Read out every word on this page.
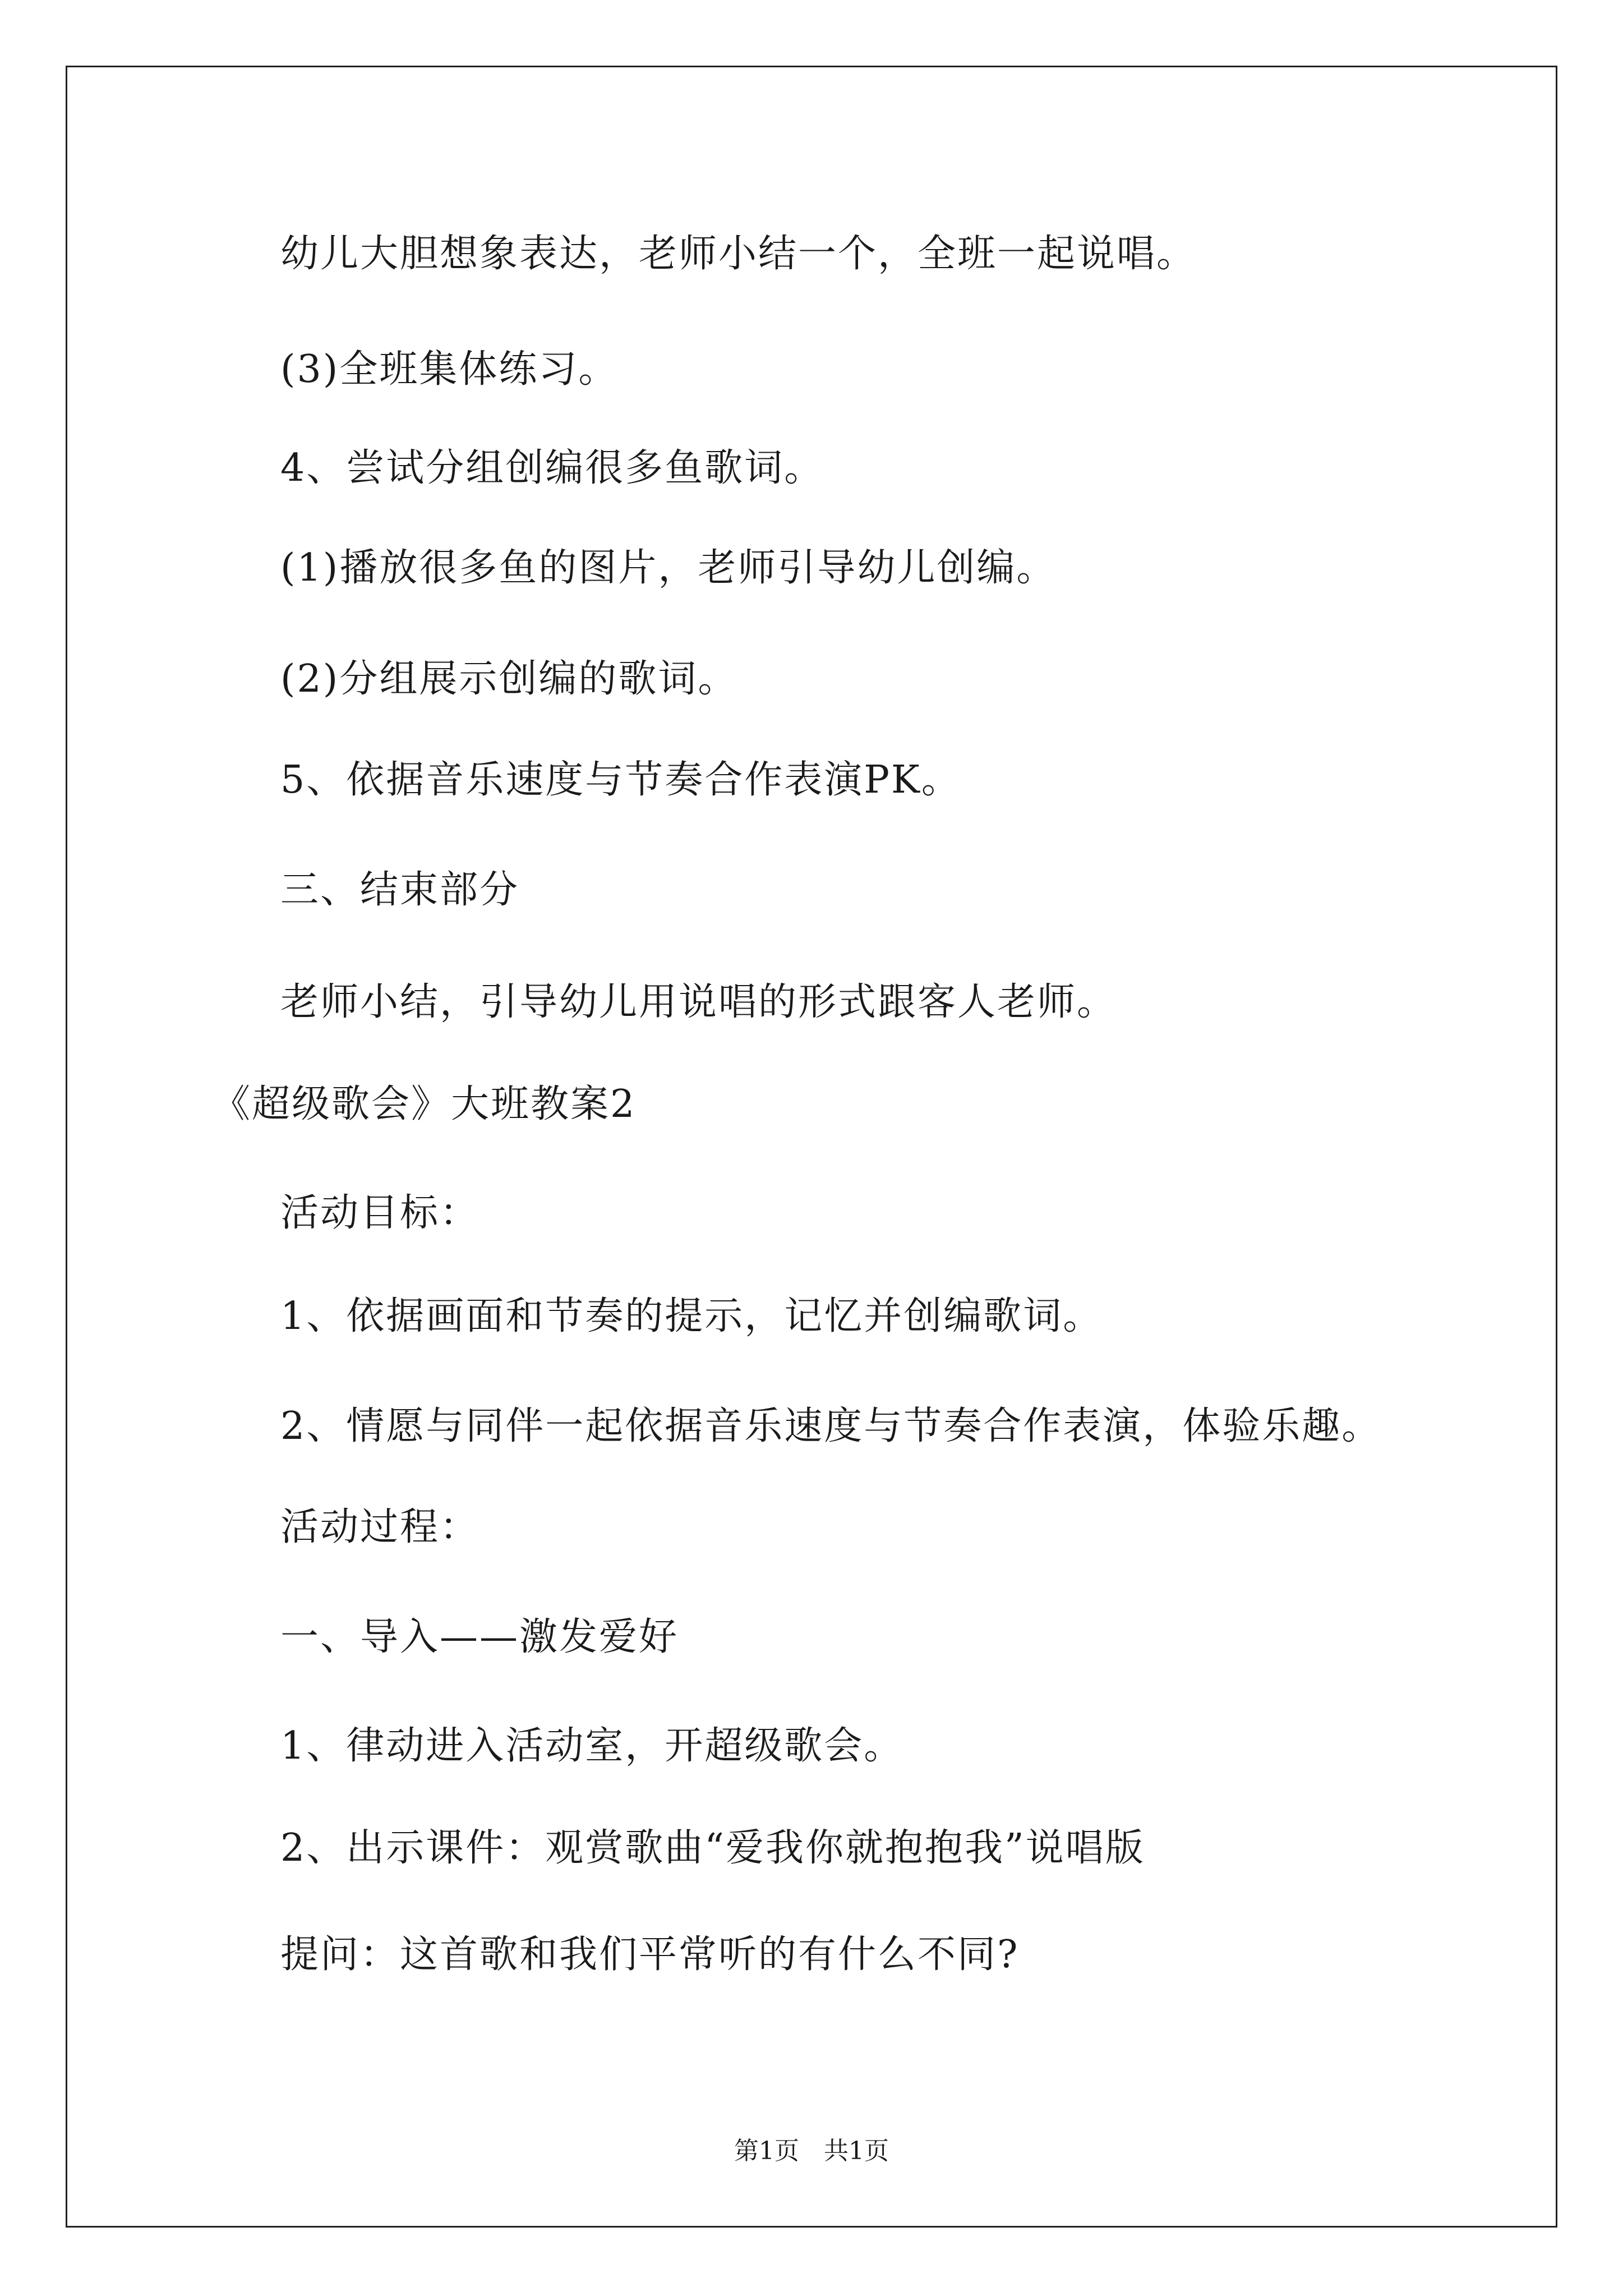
幼儿大胆想象表达，老师小结一个，全班一起说唱。
(3)全班集体练习。
4、尝试分组创编很多鱼歌词。
(1)播放很多鱼的图片，老师引导幼儿创编。
(2)分组展示创编的歌词。
5、依据音乐速度与节奏合作表演PK。
三、结束部分
老师小结，引导幼儿用说唱的形式跟客人老师。
《超级歌会》大班教案2
活动目标：
1、依据画面和节奏的提示，记忆并创编歌词。
2、情愿与同伴一起依据音乐速度与节奏合作表演，体验乐趣。
活动过程：
一、导入——激发爱好
1、律动进入活动室，开超级歌会。
2、出示课件：观赏歌曲“爱我你就抱抱我”说唱版
提问：这首歌和我们平常听的有什么不同?
第1页　共1页
